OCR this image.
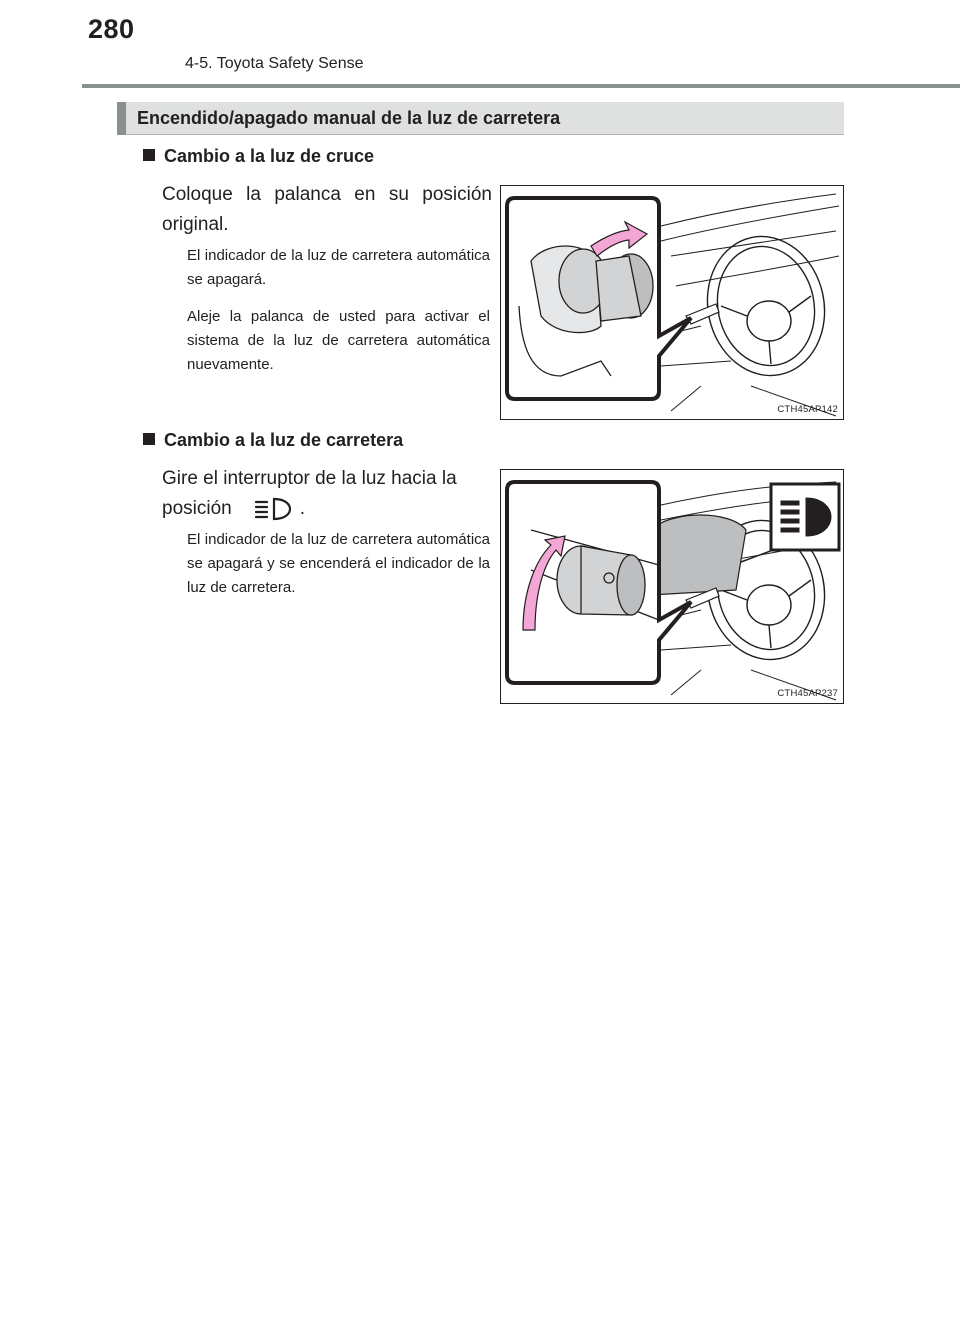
280
4-5. Toyota Safety Sense
Encendido/apagado manual de la luz de carretera
Cambio a la luz de cruce
Coloque la palanca en su posición
original.
El indicador de la luz de carretera automática se apagará.
Aleje la palanca de usted para activar el sistema de la luz de carretera automática nuevamente.
CTH45AP142
Cambio a la luz de carretera
Gire el interruptor de la luz hacia la
posición	.
El indicador de la luz de carretera automática se apagará y se encenderá el indicador de la luz de carretera.
CTH45AP237
